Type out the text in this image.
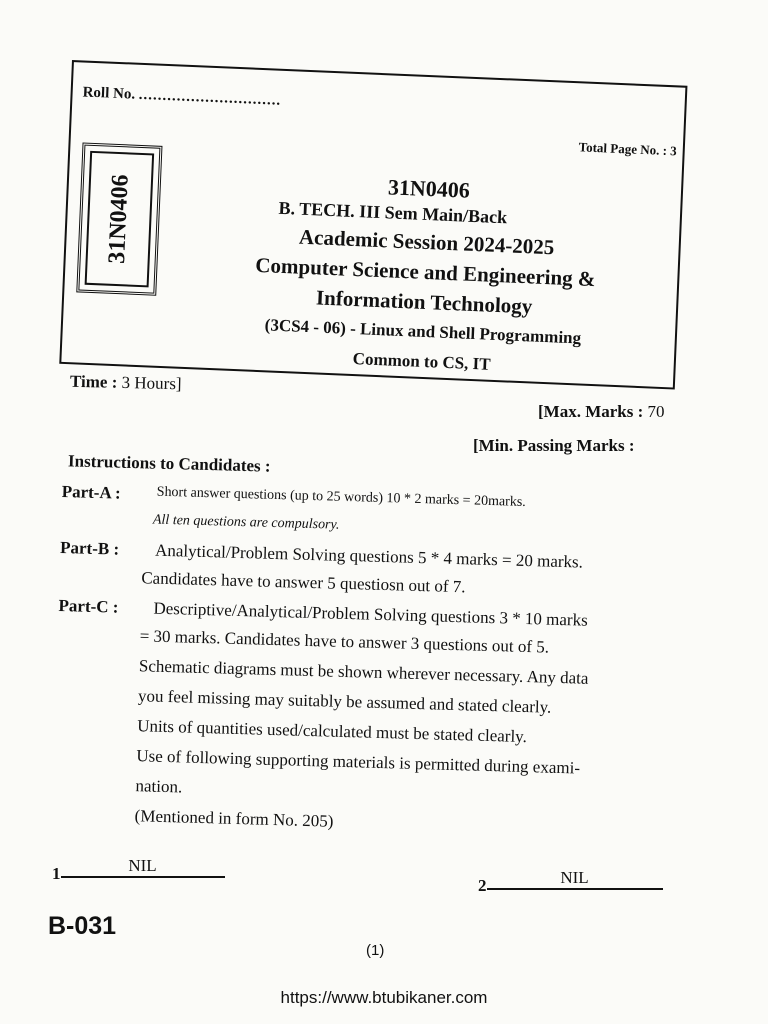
Roll No. ..............................
Total Page No. : 3
31N0406	31N0406
B. TECH. III Sem Main/Back
Academic Session 2024-2025
Computer Science and Engineering &
Information Technology
(3CS4 - 06) - Linux and Shell Programming
Common to CS, IT
Time : 3 Hours]
[Max. Marks : 70
[Min. Passing Marks :
Instructions to Candidates :
Part-A :	Short answer questions (up to 25 words) 10 * 2 marks = 20marks.
All ten questions are compulsory.
Part-B : Analytical/Problem Solving questions 5 * 4 marks = 20 marks.
Candidates have to answer 5 questiosn out of 7.
Part-C : Descriptive/Analytical/Problem Solving questions 3 * 10 marks
= 30 marks. Candidates have to answer 3 questions out of 5.
Schematic diagrams must be shown wherever necessary. Any data
you feel missing may suitably be assumed and stated clearly.
Units of quantities used/calculated must be stated clearly.
Use of following supporting materials is permitted during exami-
nation.
(Mentioned in form No. 205)
1	NIL
2	NIL
B-031
(1)
https://www.btubikaner.com
